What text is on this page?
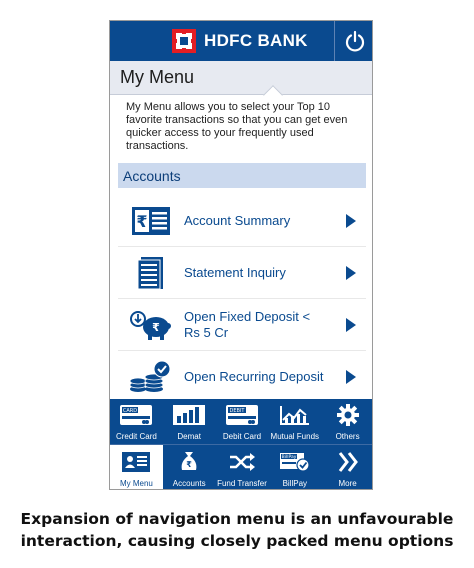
HDFC BANK
My Menu
My Menu allows you to select your Top 10 favorite transactions so that you can get even quicker access to your frequently used transactions.
Accounts
₹	Account Summary
Statement Inquiry
₹
Open Fixed Deposit <
Rs 5 Cr
Open Recurring Deposit
CARD
Credit Card	Demat
DEBIT
Debit Card	Mutual Funds	Others
My Menu
₹
Accounts	Fund Transfer
BillPay
BillPay	More
Expansion of navigation menu is an unfavourable
interaction, causing closely packed menu options
